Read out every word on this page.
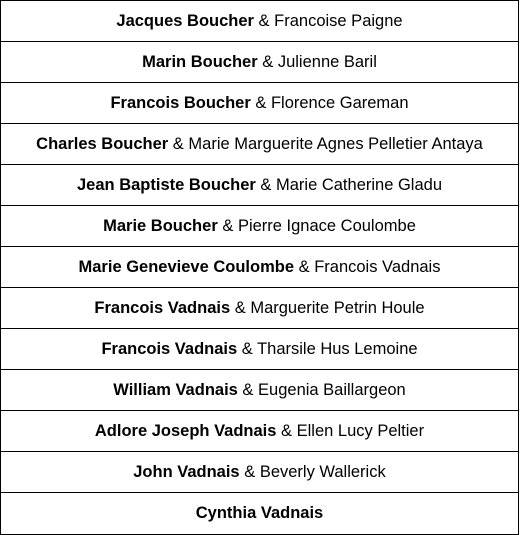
Jacques Boucher & Francoise Paigne
Marin Boucher & Julienne Baril
Francois Boucher & Florence Gareman
Charles Boucher & Marie Marguerite Agnes Pelletier Antaya
Jean Baptiste Boucher & Marie Catherine Gladu
Marie Boucher & Pierre Ignace Coulombe
Marie Genevieve Coulombe & Francois Vadnais
Francois Vadnais & Marguerite Petrin Houle
Francois Vadnais & Tharsile Hus Lemoine
William Vadnais & Eugenia Baillargeon
Adlore Joseph Vadnais & Ellen Lucy Peltier
John Vadnais & Beverly Wallerick
Cynthia Vadnais
